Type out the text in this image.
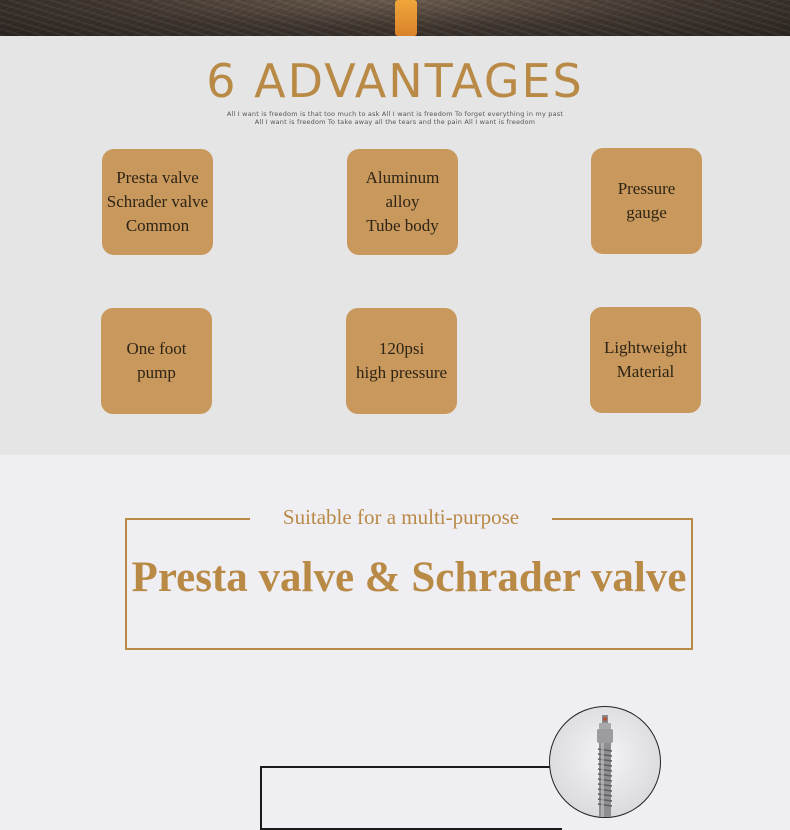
6 ADVANTAGES
All I want is freedom is that too much to ask All I want is freedom To forget everything in my past
All I want is freedom To take away all the tears and the pain All I want is freedom
Presta valve
Schrader valve
Common
Aluminum
alloy
Tube body
Pressure
gauge
One foot
pump
120psi
high pressure
Lightweight
Material
Suitable for a multi-purpose
Presta valve & Schrader valve
